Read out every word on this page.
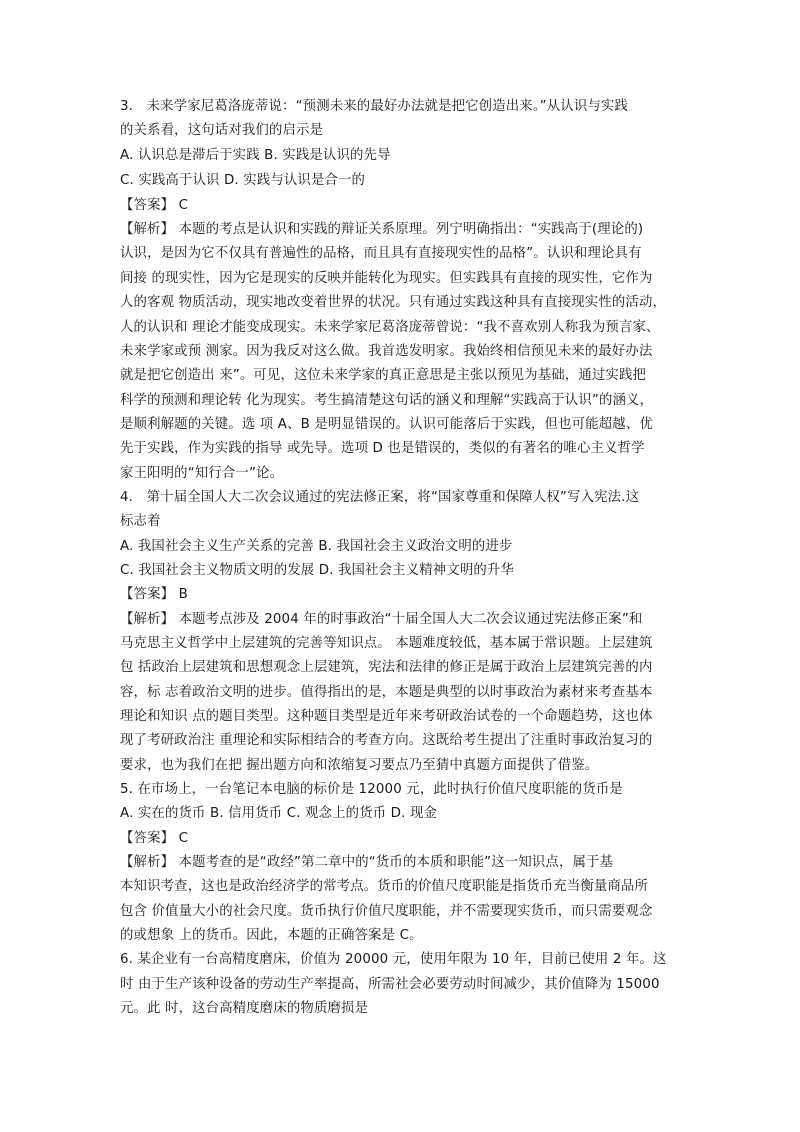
3.　未来学家尼葛洛庞蒂说：“预测未来的最好办法就是把它创造出来。”从认识与实践
的关系看，这句话对我们的启示是
A. 认识总是滞后于实践 B. 实践是认识的先导
C. 实践高于认识 D. 实践与认识是合一的
【答案】 C
【解析】 本题的考点是认识和实践的辩证关系原理。列宁明确指出：“实践高于(理论的)
认识，是因为它不仅具有普遍性的品格，而且具有直接现实性的品格”。认识和理论具有
间接 的现实性，因为它是现实的反映并能转化为现实。但实践具有直接的现实性，它作为
人的客观 物质活动，现实地改变着世界的状况。只有通过实践这种具有直接现实性的活动，
人的认识和 理论才能变成现实。未来学家尼葛洛庞蒂曾说：“我不喜欢别人称我为预言家、
未来学家或预 测家。因为我反对这么做。我首选发明家。我始终相信预见未来的最好办法
就是把它创造出 来”。可见，这位未来学家的真正意思是主张以预见为基础，通过实践把
科学的预测和理论转 化为现实。考生搞清楚这句话的涵义和理解“实践高于认识”的涵义，
是顺利解题的关键。选 项 A、B 是明显错误的。认识可能落后于实践，但也可能超越、优
先于实践，作为实践的指导 或先导。选项 D 也是错误的，类似的有著名的唯心主义哲学
家王阳明的“知行合一”论。
4.　第十届全国人大二次会议通过的宪法修正案，将“国家尊重和保障人权”写入宪法.这
标志着
A. 我国社会主义生产关系的完善 B. 我国社会主义政治文明的进步
C. 我国社会主义物质文明的发展 D. 我国社会主义精神文明的升华
【答案】 B
【解析】 本题考点涉及 2004 年的时事政治“十届全国人大二次会议通过宪法修正案”和
马克思主义哲学中上层建筑的完善等知识点。 本题难度较低，基本属于常识题。上层建筑
包 括政治上层建筑和思想观念上层建筑，宪法和法律的修正是属于政治上层建筑完善的内
容，标 志着政治文明的进步。值得指出的是，本题是典型的以时事政治为素材来考查基本
理论和知识 点的题目类型。这种题目类型是近年来考研政治试卷的一个命题趋势，这也体
现了考研政治注 重理论和实际相结合的考查方向。这既给考生提出了注重时事政治复习的
要求，也为我们在把 握出题方向和浓缩复习要点乃至猜中真题方面提供了借鉴。
5. 在市场上，一台笔记本电脑的标价是 12000 元，此时执行价值尺度职能的货币是
A. 实在的货币 B. 信用货币 C. 观念上的货币 D. 现金
【答案】 C
【解析】 本题考查的是“政经”第二章中的“货币的本质和职能”这一知识点，属于基
本知识考查，这也是政治经济学的常考点。货币的价值尺度职能是指货币充当衡量商品所
包含 价值量大小的社会尺度。货币执行价值尺度职能，并不需要现实货币，而只需要观念
的或想象 上的货币。因此，本题的正确答案是 C。
6. 某企业有一台高精度磨床，价值为 20000 元，使用年限为 10 年，目前已使用 2 年。这
时 由于生产该种设备的劳动生产率提高，所需社会必要劳动时间减少，其价值降为 15000
元。此 时，这台高精度磨床的物质磨损是
